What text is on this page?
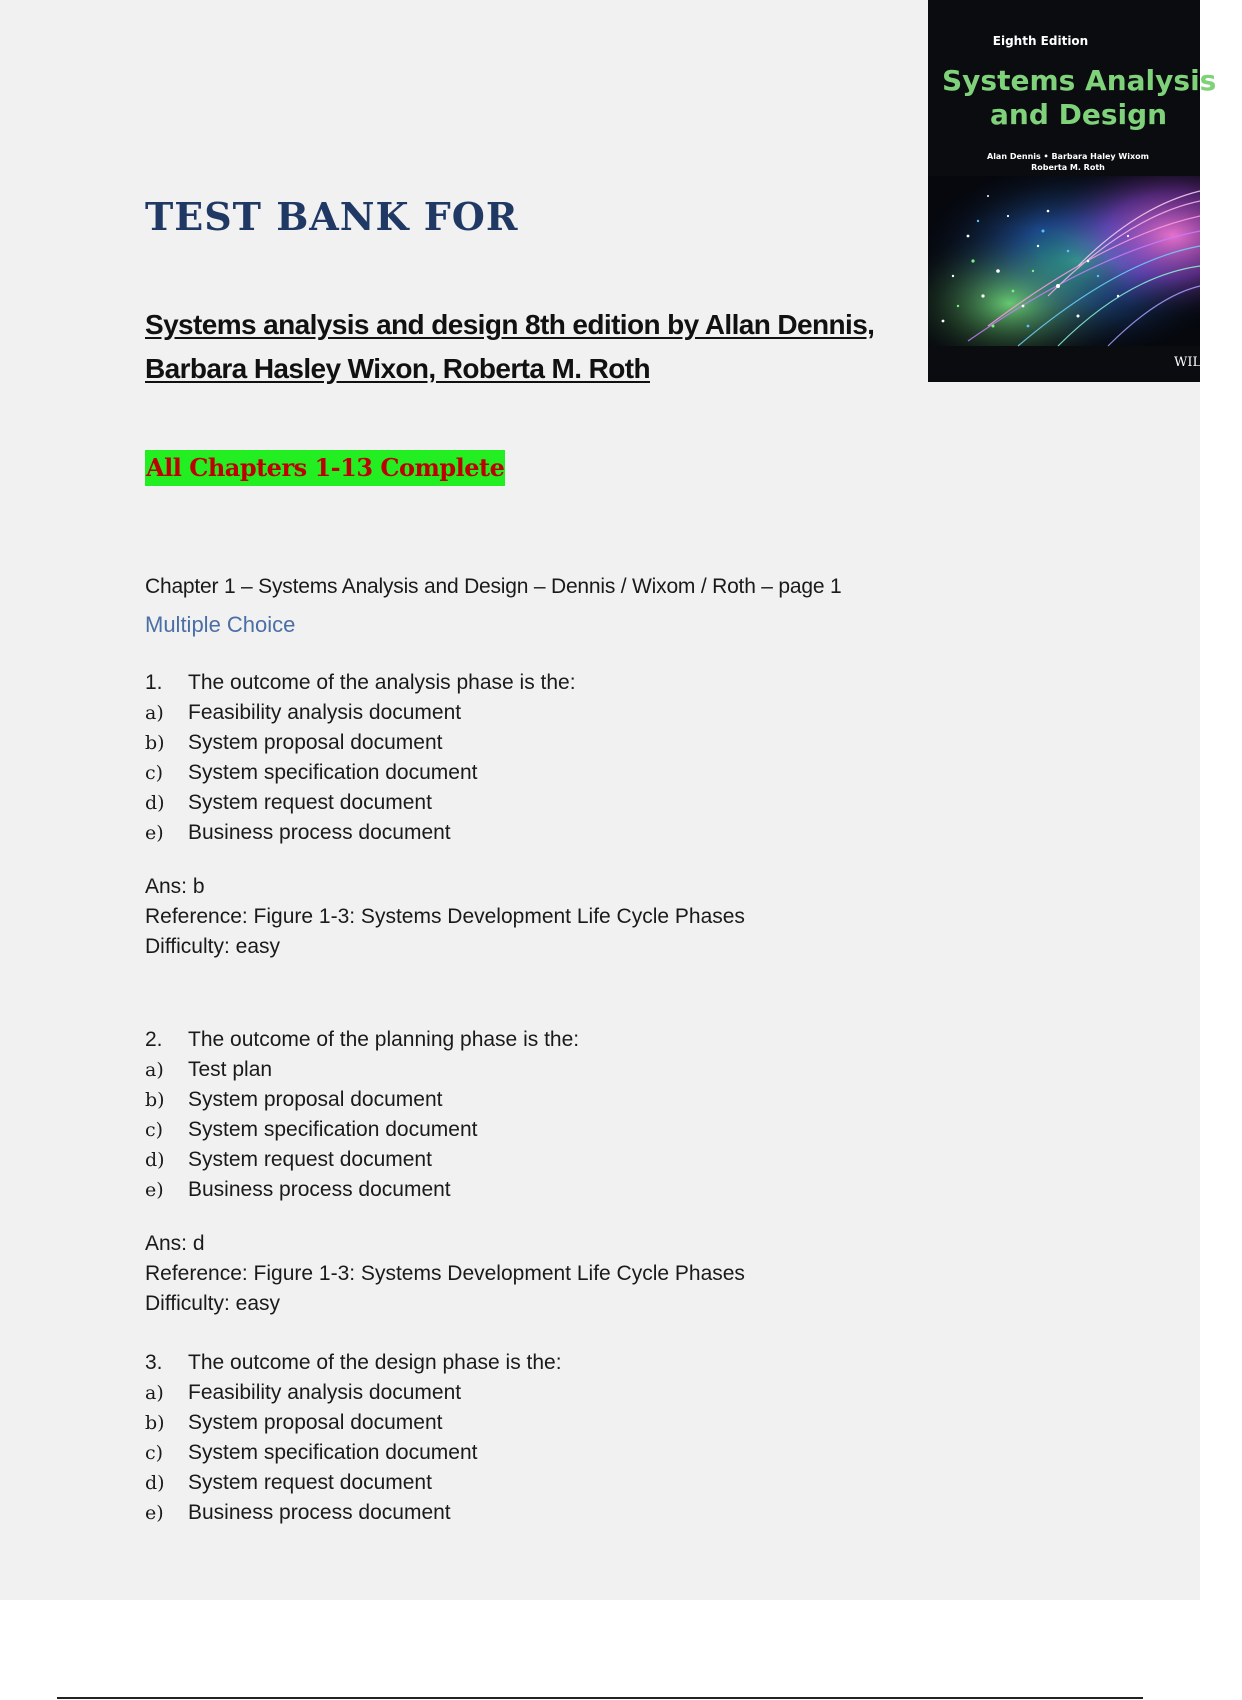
Eighth Edition
Systems Analysis
and Design
Alan Dennis • Barbara Haley Wixom
Roberta M. Roth
WILEY
TEST BANK FOR

Systems analysis and design 8th edition by Allan Dennis, Barbara Hasley Wixon, Roberta M. Roth

All Chapters 1-13 Complete
Chapter 1 – Systems Analysis and Design – Dennis / Wixom / Roth – page 1
Multiple Choice
1.	The outcome of the analysis phase is the:
a)	Feasibility analysis document
b)	System proposal document
c)	System specification document
d)	System request document
e)	Business process document
Ans: b
Reference: Figure 1-3: Systems Development Life Cycle Phases
Difficulty: easy
2.	The outcome of the planning phase is the:
a)	Test plan
b)	System proposal document
c)	System specification document
d)	System request document
e)	Business process document
Ans: d
Reference: Figure 1-3: Systems Development Life Cycle Phases
Difficulty: easy
3.	The outcome of the design phase is the:
a)	Feasibility analysis document
b)	System proposal document
c)	System specification document
d)	System request document
e)	Business process document
